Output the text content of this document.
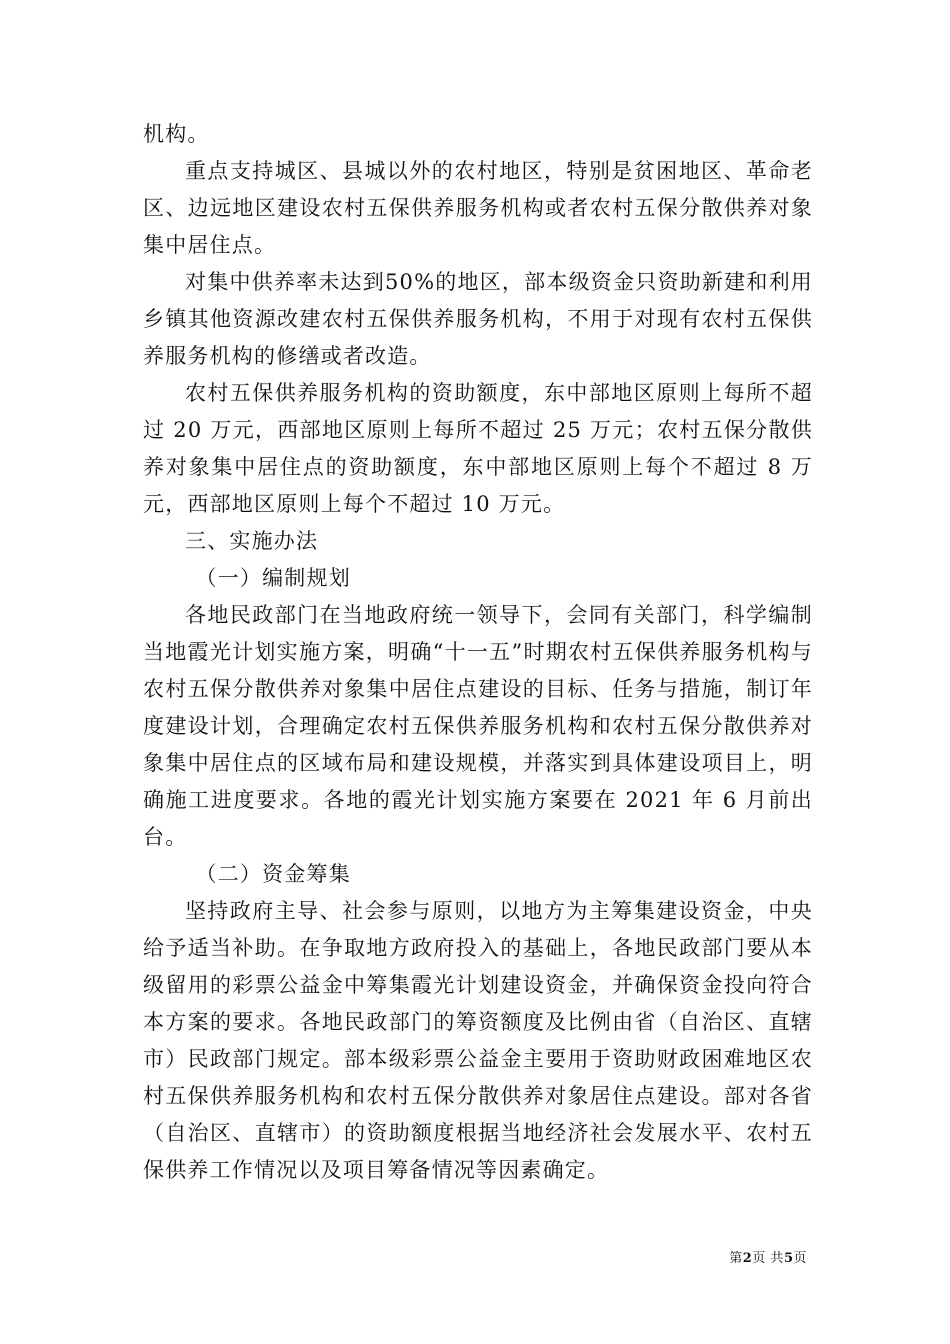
机构。

重点支持城区、县城以外的农村地区，特别是贫困地区、革命老区、边远地区建设农村五保供养服务机构或者农村五保分散供养对象集中居住点。

对集中供养率未达到50%的地区，部本级资金只资助新建和利用乡镇其他资源改建农村五保供养服务机构，不用于对现有农村五保供养服务机构的修缮或者改造。

农村五保供养服务机构的资助额度，东中部地区原则上每所不超过 20 万元，西部地区原则上每所不超过 25 万元；农村五保分散供养对象集中居住点的资助额度，东中部地区原则上每个不超过 8 万元，西部地区原则上每个不超过 10 万元。

三、实施办法

（一）编制规划

各地民政部门在当地政府统一领导下，会同有关部门，科学编制当地霞光计划实施方案，明确“十一五”时期农村五保供养服务机构与农村五保分散供养对象集中居住点建设的目标、任务与措施，制订年度建设计划，合理确定农村五保供养服务机构和农村五保分散供养对象集中居住点的区域布局和建设规模，并落实到具体建设项目上，明确施工进度要求。各地的霞光计划实施方案要在 2021 年 6 月前出台。

（二）资金筹集

坚持政府主导、社会参与原则，以地方为主筹集建设资金，中央给予适当补助。在争取地方政府投入的基础上，各地民政部门要从本级留用的彩票公益金中筹集霞光计划建设资金，并确保资金投向符合本方案的要求。各地民政部门的筹资额度及比例由省（自治区、直辖市）民政部门规定。部本级彩票公益金主要用于资助财政困难地区农村五保供养服务机构和农村五保分散供养对象居住点建设。部对各省（自治区、直辖市）的资助额度根据当地经济社会发展水平、农村五保供养工作情况以及项目筹备情况等因素确定。

第2页 共5页
